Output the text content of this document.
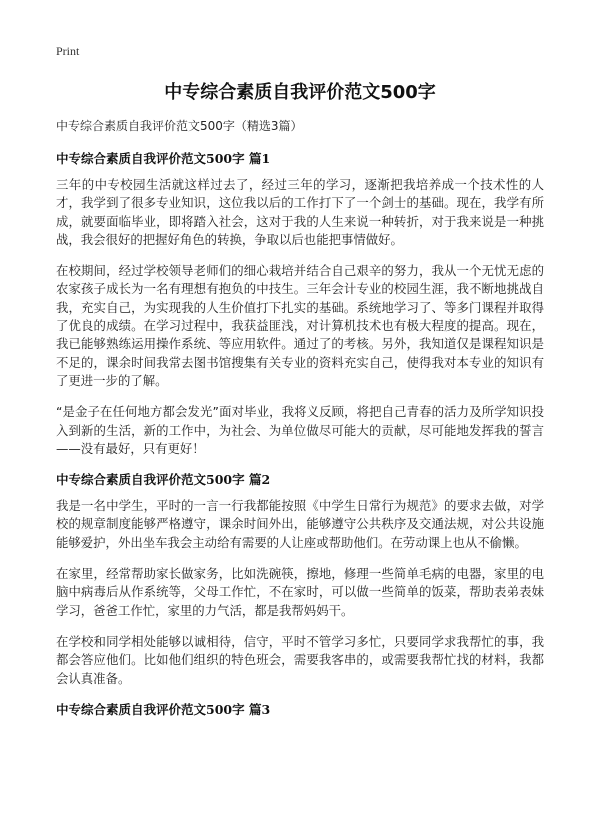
Print
中专综合素质自我评价范文500字

中专综合素质自我评价范文500字（精选3篇）

中专综合素质自我评价范文500字 篇1

三年的中专校园生活就这样过去了，经过三年的学习，逐渐把我培养成一个技术性的人才，我学到了很多专业知识，这位我以后的工作打下了一个剑士的基础。现在，我学有所成，就要面临毕业，即将踏入社会，这对于我的人生来说一种转折，对于我来说是一种挑战，我会很好的把握好角色的转换，争取以后也能把事情做好。

在校期间，经过学校领导老师们的细心栽培并结合自己艰辛的努力，我从一个无忧无虑的农家孩子成长为一名有理想有抱负的中技生。三年会计专业的校园生涯，我不断地挑战自我，充实自己，为实现我的人生价值打下扎实的基础。系统地学习了、等多门课程并取得了优良的成绩。在学习过程中，我获益匪浅，对计算机技术也有极大程度的提高。现在，我已能够熟练运用操作系统、等应用软件。通过了的考核。另外，我知道仅是课程知识是不足的，课余时间我常去图书馆搜集有关专业的资料充实自己，使得我对本专业的知识有了更进一步的了解。

“是金子在任何地方都会发光”面对毕业，我将义反顾，将把自己青春的活力及所学知识投入到新的生活，新的工作中，为社会、为单位做尽可能大的贡献，尽可能地发挥我的誓言——没有最好，只有更好！

中专综合素质自我评价范文500字 篇2

我是一名中学生，平时的一言一行我都能按照《中学生日常行为规范》的要求去做，对学校的规章制度能够严格遵守，课余时间外出，能够遵守公共秩序及交通法规，对公共设施能够爱护，外出坐车我会主动给有需要的人让座或帮助他们。在劳动课上也从不偷懒。

在家里，经常帮助家长做家务，比如洗碗筷，擦地，修理一些简单毛病的电器，家里的电脑中病毒后从作系统等，父母工作忙，不在家时，可以做一些简单的饭菜，帮助表弟表妹学习，爸爸工作忙，家里的力气活，都是我帮妈妈干。

在学校和同学相处能够以诚相待，信守，平时不管学习多忙，只要同学求我帮忙的事，我都会答应他们。比如他们组织的特色班会，需要我客串的，或需要我帮忙找的材料，我都会认真准备。

中专综合素质自我评价范文500字 篇3
